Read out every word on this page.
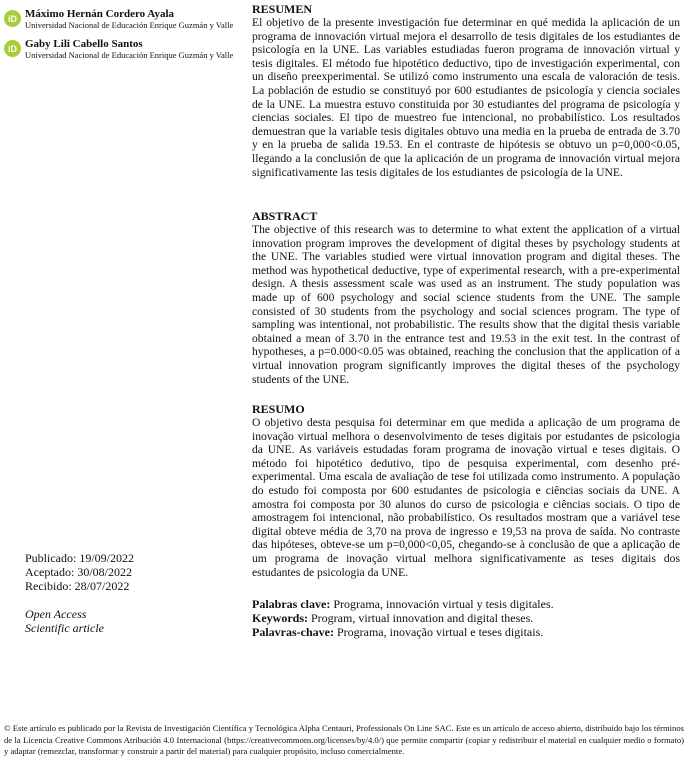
iD Máximo Hernán Cordero Ayala
Universidad Nacional de Educación Enrique Guzmán y Valle
iD Gaby Lili Cabello Santos
Universidad Nacional de Educación Enrique Guzmán y Valle
Publicado: 19/09/2022
Aceptado: 30/08/2022
Recibido: 28/07/2022
Open Access
Scientific article
RESUMEN

El objetivo de la presente investigación fue determinar en qué medida la aplicación de un programa de innovación virtual mejora el desarrollo de tesis digitales de los estudiantes de psicología en la UNE. Las variables estudiadas fueron programa de innovación virtual y tesis digitales. El método fue hipotético deductivo, tipo de investigación experimental, con un diseño preexperimental. Se utilizó como instrumento una escala de valoración de tesis. La población de estudio se constituyó por 600 estudiantes de psicología y ciencia sociales de la UNE. La muestra estuvo constituida por 30 estudiantes del programa de psicología y ciencias sociales. El tipo de muestreo fue intencional, no probabilístico. Los resultados demuestran que la variable tesis digitales obtuvo una media en la prueba de entrada de 3.70 y en la prueba de salida 19.53. En el contraste de hipótesis se obtuvo un p=0,000<0.05, llegando a la conclusión de que la aplicación de un programa de innovación virtual mejora significativamente las tesis digitales de los estudiantes de psicología de la UNE.

ABSTRACT

The objective of this research was to determine to what extent the application of a virtual innovation program improves the development of digital theses by psychology students at the UNE. The variables studied were virtual innovation program and digital theses. The method was hypothetical deductive, type of experimental research, with a pre-experimental design. A thesis assessment scale was used as an instrument. The study population was made up of 600 psychology and social science students from the UNE. The sample consisted of 30 students from the psychology and social sciences program. The type of sampling was intentional, not probabilistic. The results show that the digital thesis variable obtained a mean of 3.70 in the entrance test and 19.53 in the exit test. In the contrast of hypotheses, a p=0.000<0.05 was obtained, reaching the conclusion that the application of a virtual innovation program significantly improves the digital theses of the psychology students of the UNE.

RESUMO

O objetivo desta pesquisa foi determinar em que medida a aplicação de um programa de inovação virtual melhora o desenvolvimento de teses digitais por estudantes de psicologia da UNE. As variáveis estudadas foram programa de inovação virtual e teses digitais. O método foi hipotético dedutivo, tipo de pesquisa experimental, com desenho pré-experimental. Uma escala de avaliação de tese foi utilizada como instrumento. A população do estudo foi composta por 600 estudantes de psicologia e ciências sociais da UNE. A amostra foi composta por 30 alunos do curso de psicologia e ciências sociais. O tipo de amostragem foi intencional, não probabilístico. Os resultados mostram que a variável tese digital obteve média de 3,70 na prova de ingresso e 19,53 na prova de saída. No contraste das hipóteses, obteve-se um p=0,000<0,05, chegando-se à conclusão de que a aplicação de um programa de inovação virtual melhora significativamente as teses digitais dos estudantes de psicologia da UNE.

Palabras clave: Programa, innovación virtual y tesis digitales.
Keywords: Program, virtual innovation and digital theses.
Palavras-chave: Programa, inovação virtual e teses digitais.
© Este artículo es publicado por la Revista de Investigación Científica y Tecnológica Alpha Centauri, Professionals On Line SAC. Este es un artículo de acceso abierto, distribuido bajo los términos de la Licencia Creative Commons Atribución 4.0 Internacional (https://creativecommons.org/licenses/by/4.0/) que permite compartir (copiar y redistribuir el material en cualquier medio o formato) y adaptar (remezclar, transformar y construir a partir del material) para cualquier propósito, incluso comercialmente.
